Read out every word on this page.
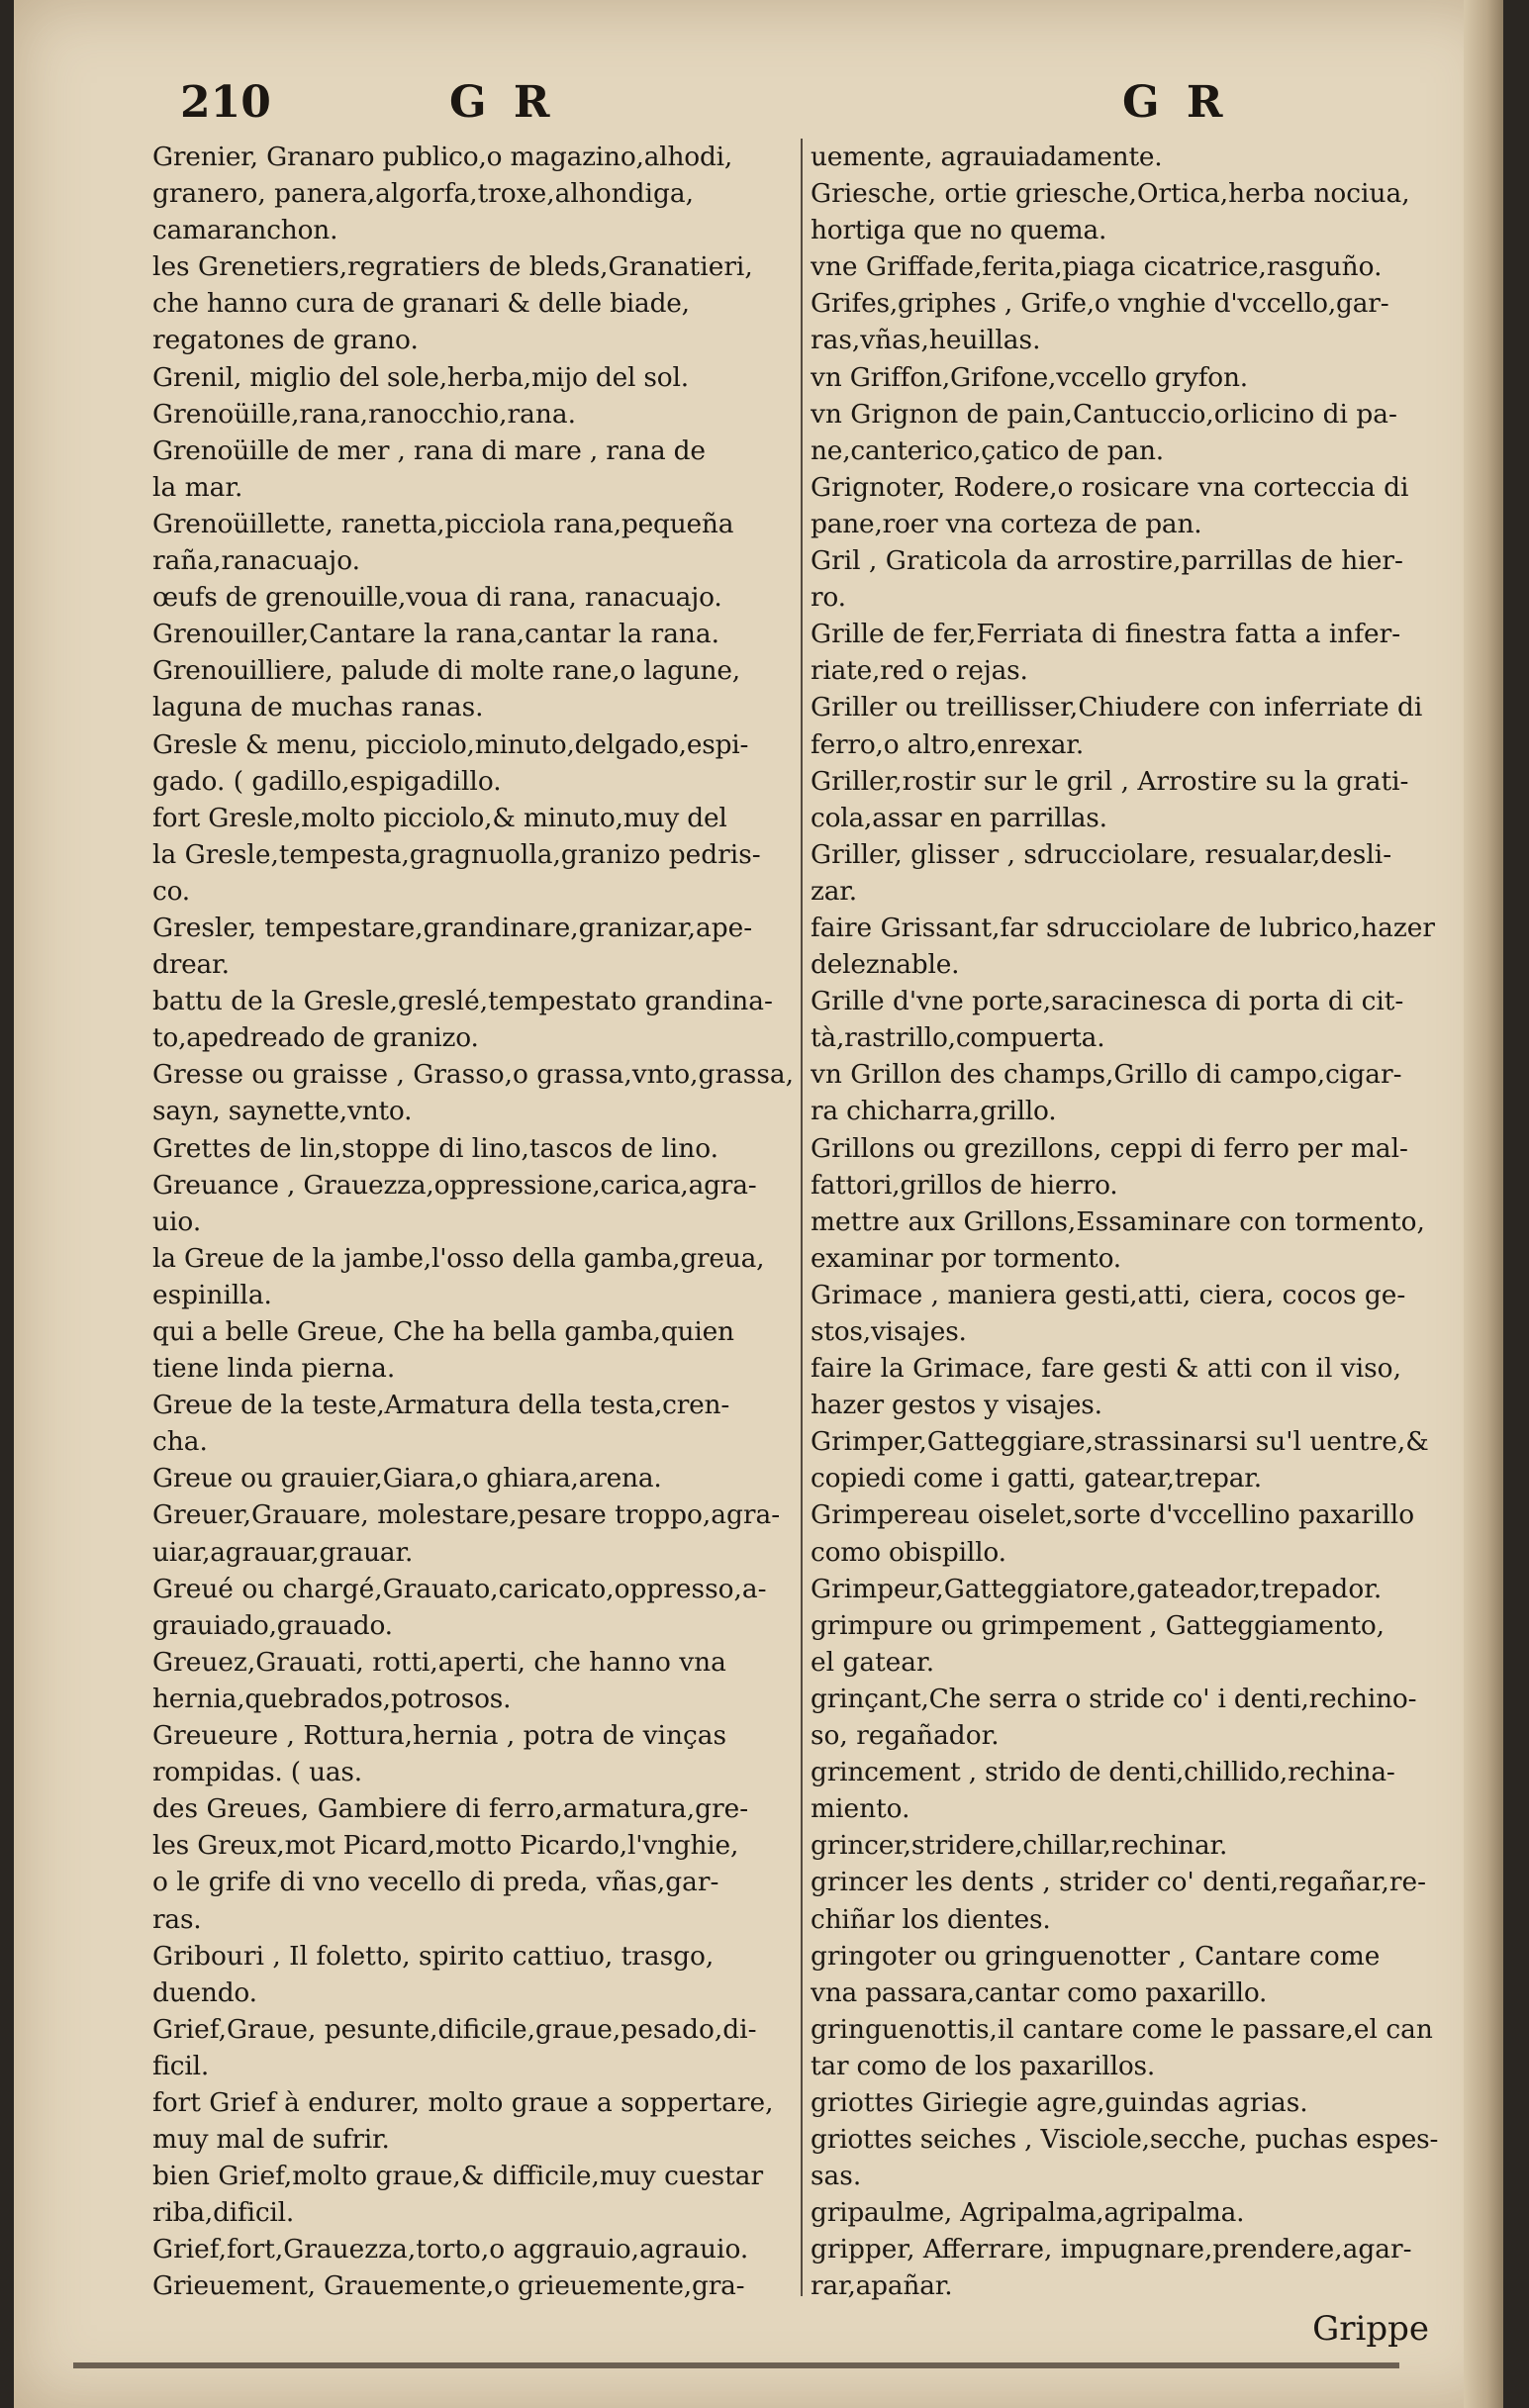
210	G R	G R
Grenier, Granaro publico,o magazino,alhodi,
granero, panera,algorfa,troxe,alhondiga,
camaranchon.
les Grenetiers,regratiers de bleds,Granatieri,
che hanno cura de granari & delle biade,
regatones de grano.
Grenil, miglio del sole,herba,mijo del sol.
Grenoüille,rana,ranocchio,rana.
Grenoüille de mer , rana di mare , rana de
la mar.
Grenoüillette, ranetta,picciola rana,pequeña
raña,ranacuajo.
œufs de grenouille,voua di rana, ranacuajo.
Grenouiller,Cantare la rana,cantar la rana.
Grenouilliere, palude di molte rane,o lagune,
laguna de muchas ranas.
Gresle & menu, picciolo,minuto,delgado,espi-
gado. ( gadillo,espigadillo.
fort Gresle,molto picciolo,& minuto,muy del
la Gresle,tempesta,gragnuolla,granizo pedris-
co.
Gresler, tempestare,grandinare,granizar,ape-
drear.
battu de la Gresle,greslé,tempestato grandina-
to,apedreado de granizo.
Gresse ou graisse , Grasso,o grassa,vnto,grassa,
sayn, saynette,vnto.
Grettes de lin,stoppe di lino,tascos de lino.
Greuance , Grauezza,oppressione,carica,agra-
uio.
la Greue de la jambe,l'osso della gamba,greua,
espinilla.
qui a belle Greue, Che ha bella gamba,quien
tiene linda pierna.
Greue de la teste,Armatura della testa,cren-
cha.
Greue ou grauier,Giara,o ghiara,arena.
Greuer,Grauare, molestare,pesare troppo,agra-
uiar,agrauar,grauar.
Greué ou chargé,Grauato,caricato,oppresso,a-
grauiado,grauado.
Greuez,Grauati, rotti,aperti, che hanno vna
hernia,quebrados,potrosos.
Greueure , Rottura,hernia , potra de vinças
rompidas. ( uas.
des Greues, Gambiere di ferro,armatura,gre-
les Greux,mot Picard,motto Picardo,l'vnghie,
o le grife di vno vecello di preda, vñas,gar-
ras.
Gribouri , Il foletto, spirito cattiuo, trasgo,
duendo.
Grief,Graue, pesunte,dificile,graue,pesado,di-
ficil.
fort Grief à endurer, molto graue a soppertare,
muy mal de sufrir.
bien Grief,molto graue,& difficile,muy cuestar
riba,dificil.
Grief,fort,Grauezza,torto,o aggrauio,agrauio.
Grieuement, Grauemente,o grieuemente,gra-
uemente, agrauiadamente.
Griesche, ortie griesche,Ortica,herba nociua,
hortiga que no quema.
vne Griffade,ferita,piaga cicatrice,rasguño.
Grifes,griphes , Grife,o vnghie d'vccello,gar-
ras,vñas,heuillas.
vn Griffon,Grifone,vccello gryfon.
vn Grignon de pain,Cantuccio,orlicino di pa-
ne,canterico,çatico de pan.
Grignoter, Rodere,o rosicare vna corteccia di
pane,roer vna corteza de pan.
Gril , Graticola da arrostire,parrillas de hier-
ro.
Grille de fer,Ferriata di finestra fatta a infer-
riate,red o rejas.
Griller ou treillisser,Chiudere con inferriate di
ferro,o altro,enrexar.
Griller,rostir sur le gril , Arrostire su la grati-
cola,assar en parrillas.
Griller, glisser , sdrucciolare, resualar,desli-
zar.
faire Grissant,far sdrucciolare de lubrico,hazer
deleznable.
Grille d'vne porte,saracinesca di porta di cit-
tà,rastrillo,compuerta.
vn Grillon des champs,Grillo di campo,cigar-
ra chicharra,grillo.
Grillons ou grezillons, ceppi di ferro per mal-
fattori,grillos de hierro.
mettre aux Grillons,Essaminare con tormento,
examinar por tormento.
Grimace , maniera gesti,atti, ciera, cocos ge-
stos,visajes.
faire la Grimace, fare gesti & atti con il viso,
hazer gestos y visajes.
Grimper,Gatteggiare,strassinarsi su'l uentre,&
copiedi come i gatti, gatear,trepar.
Grimpereau oiselet,sorte d'vccellino paxarillo
como obispillo.
Grimpeur,Gatteggiatore,gateador,trepador.
grimpure ou grimpement , Gatteggiamento,
el gatear.
grinçant,Che serra o stride co' i denti,rechino-
so, regañador.
grincement , strido de denti,chillido,rechina-
miento.
grincer,stridere,chillar,rechinar.
grincer les dents , strider co' denti,regañar,re-
chiñar los dientes.
gringoter ou gringuenotter , Cantare come
vna passara,cantar como paxarillo.
gringuenottis,il cantare come le passare,el can
tar como de los paxarillos.
griottes Giriegie agre,guindas agrias.
griottes seiches , Visciole,secche, puchas espes-
sas.
gripaulme, Agripalma,agripalma.
gripper, Afferrare, impugnare,prendere,agar-
rar,apañar.
Grippe
